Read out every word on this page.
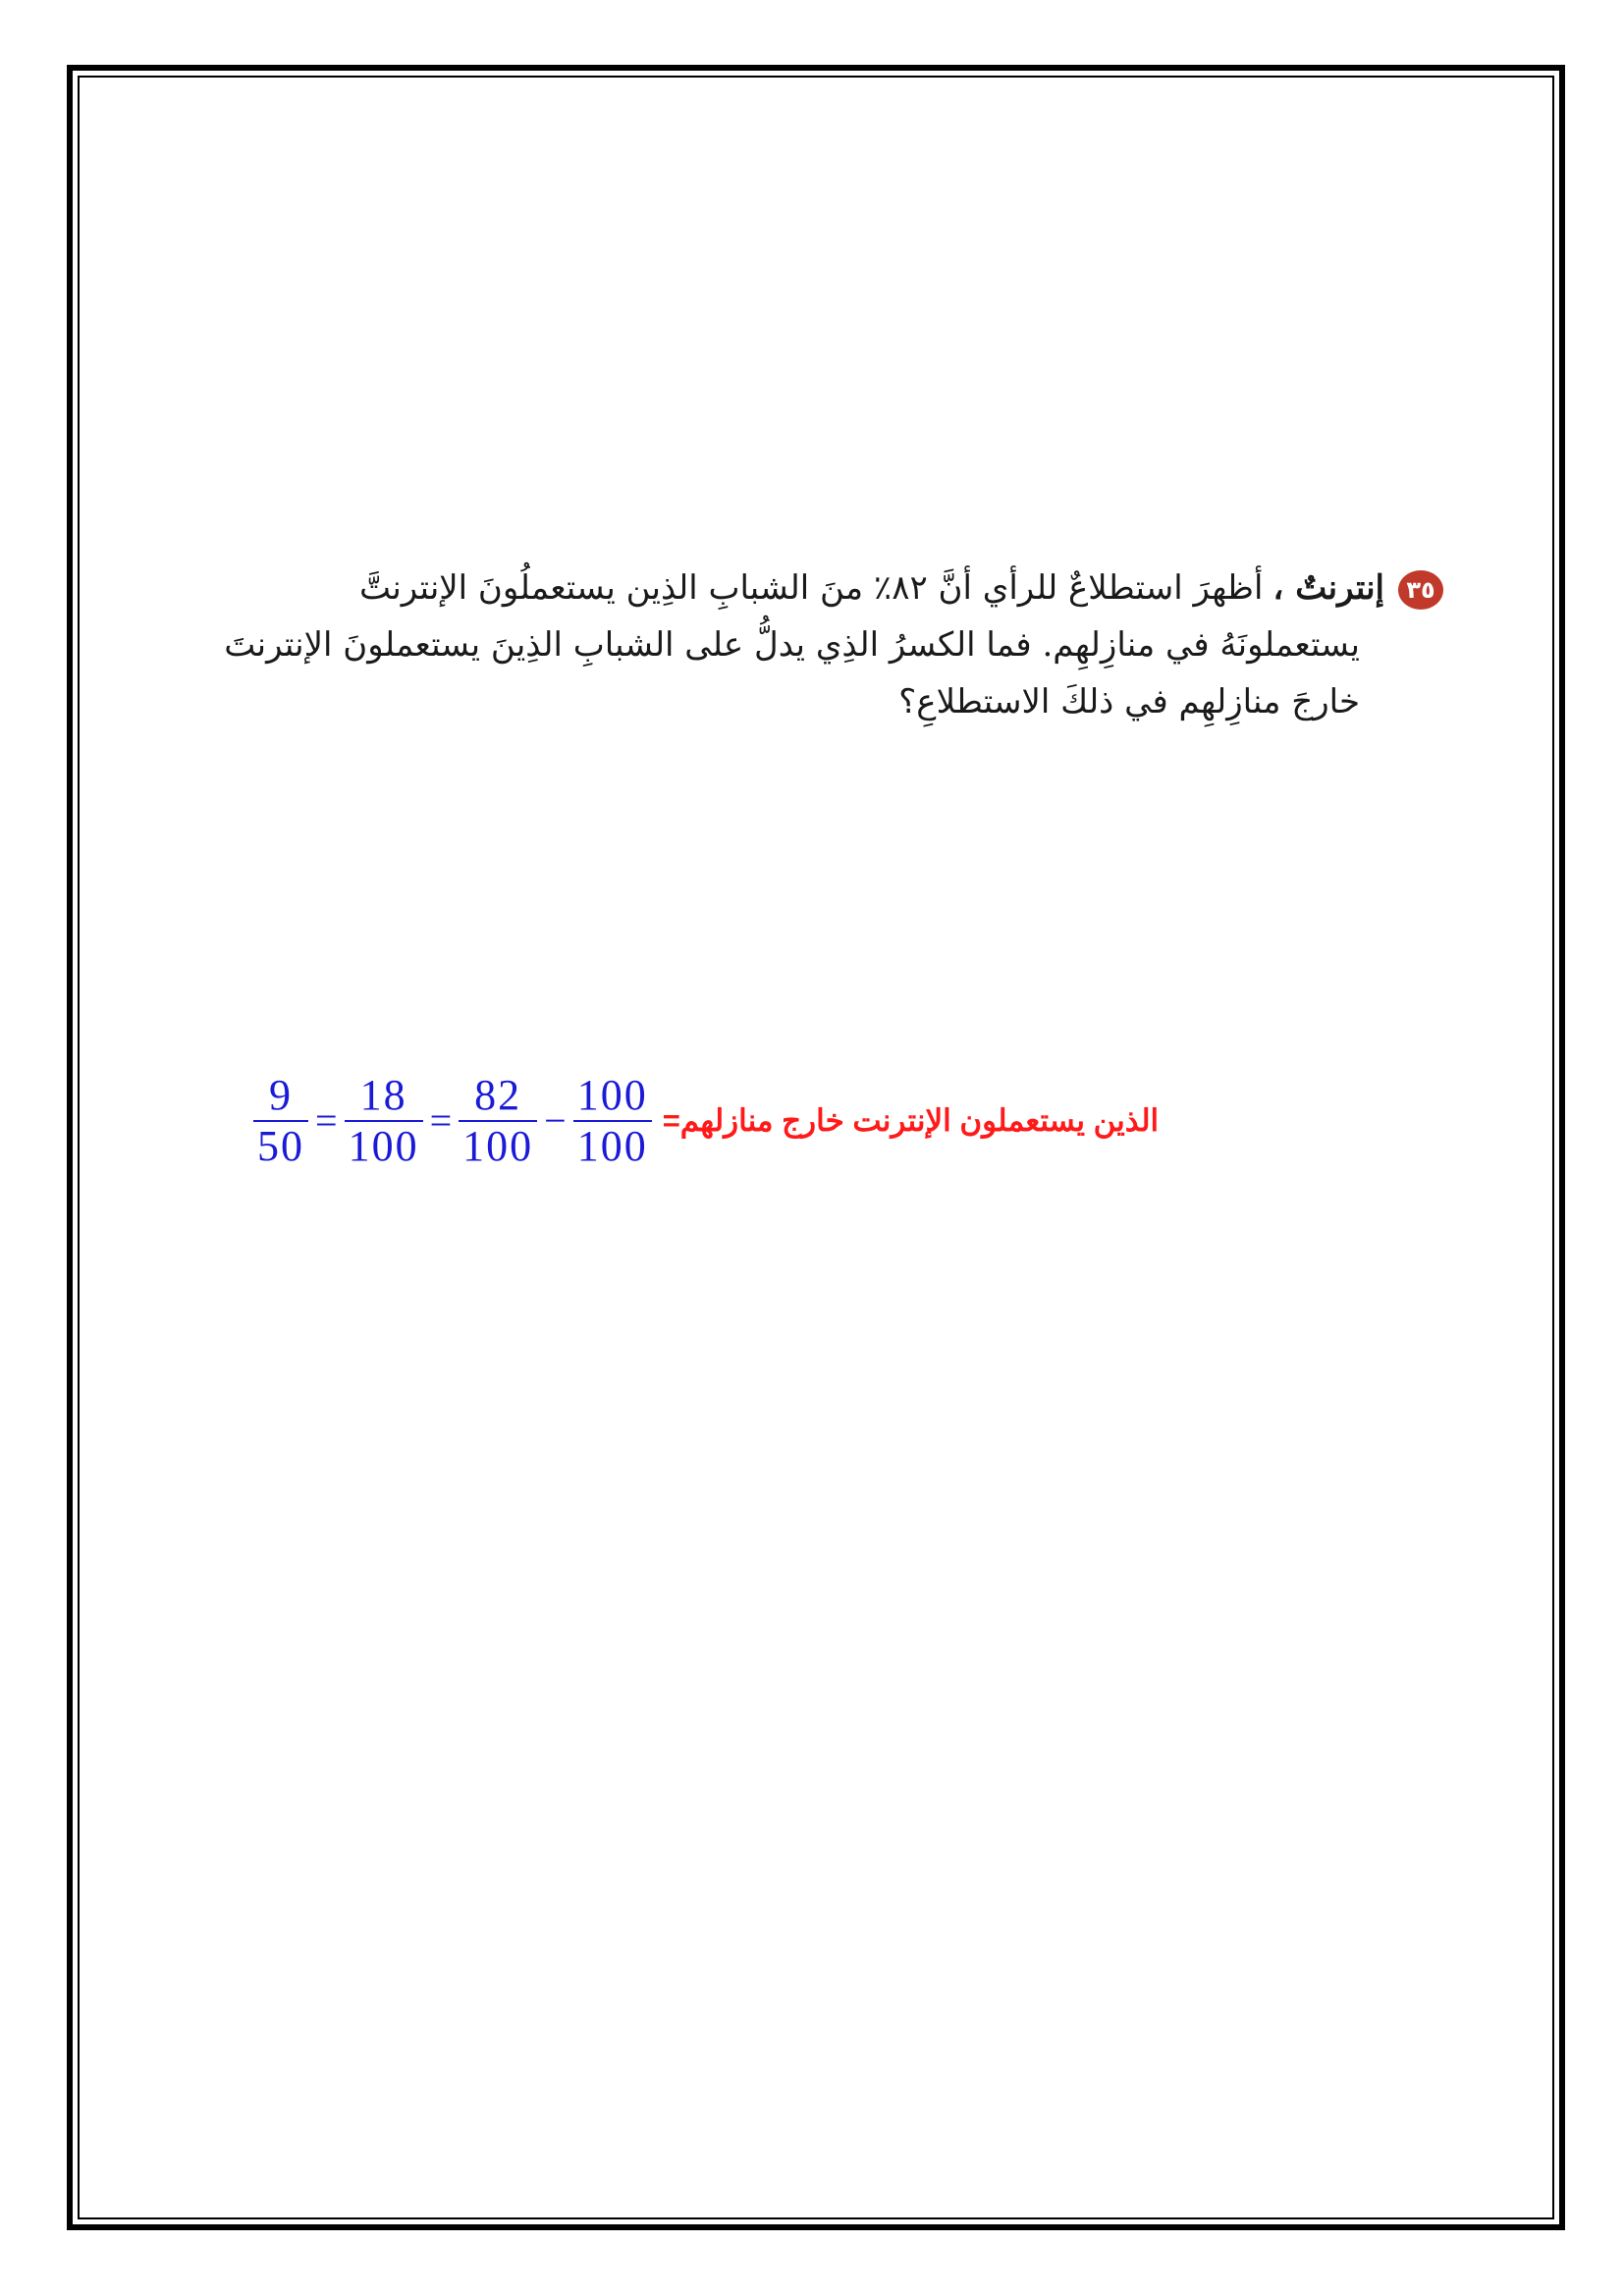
٣٥إنترنتٌ ،أظهرَ استطلاعٌ للرأي أنَّ ٨٢٪ منَ الشبابِ الذِين يستعملُونَ الإنترنتَّ
يستعملونَهُ في منازِلهِم. فما الكسرُ الذِي يدلُّ على الشبابِ الذِينَ يستعملونَ الإنترنتَ
خارجَ منازِلهِم في ذلكَ الاستطلاعِ؟
$\frac{9}{50} = \frac{18}{100} = \frac{82}{100} - \frac{100}{100}$ الذين يستعملون الإنترنت خارج منازلهم=
